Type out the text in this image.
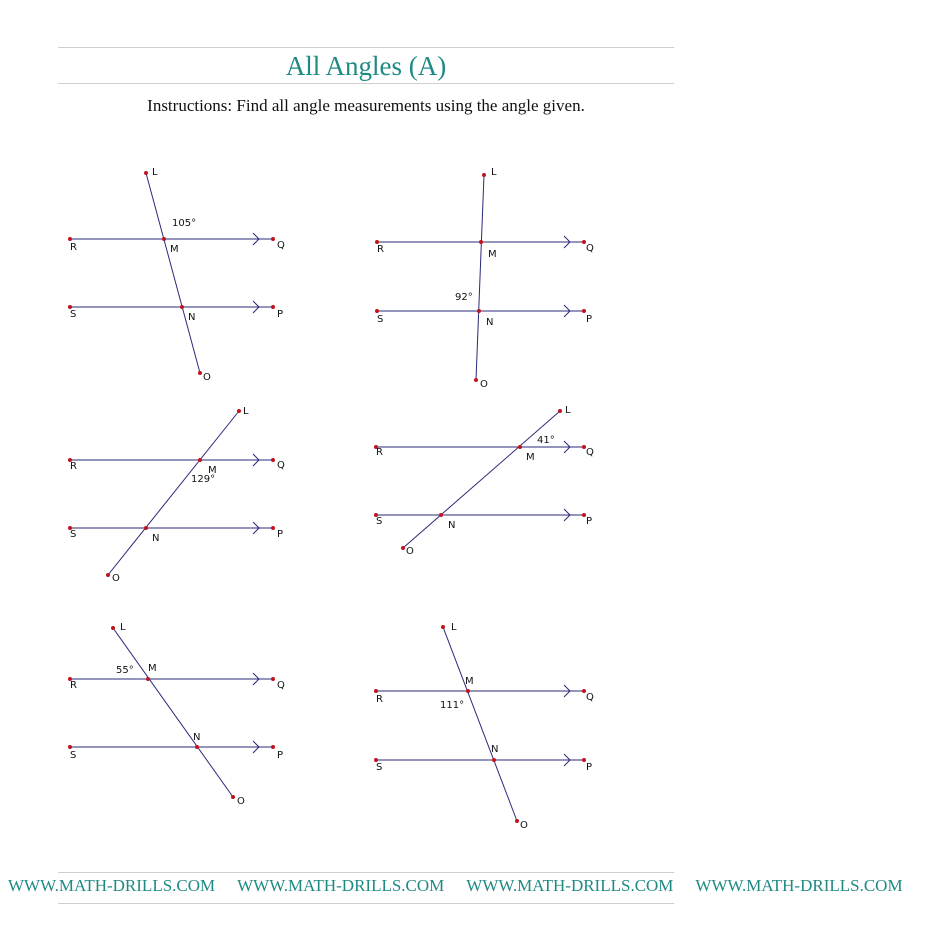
All Angles (A)

Instructions: Find all angle measurements using the angle given.

L
M
N
O
P
Q
R
S
105°
L
M
N
O
P
Q
R
S
92°
L
M
N
O
P
Q
R
S
129°
L
M
N
O
P
Q
R
S
41°
L
M
N
O
P
Q
R
S
55°
L
M
N
O
P
Q
R
S
111°
WWW.MATH-DRILLS.COM WWW.MATH-DRILLS.COM WWW.MATH-DRILLS.COM WWW.MATH-DRILLS.COM
